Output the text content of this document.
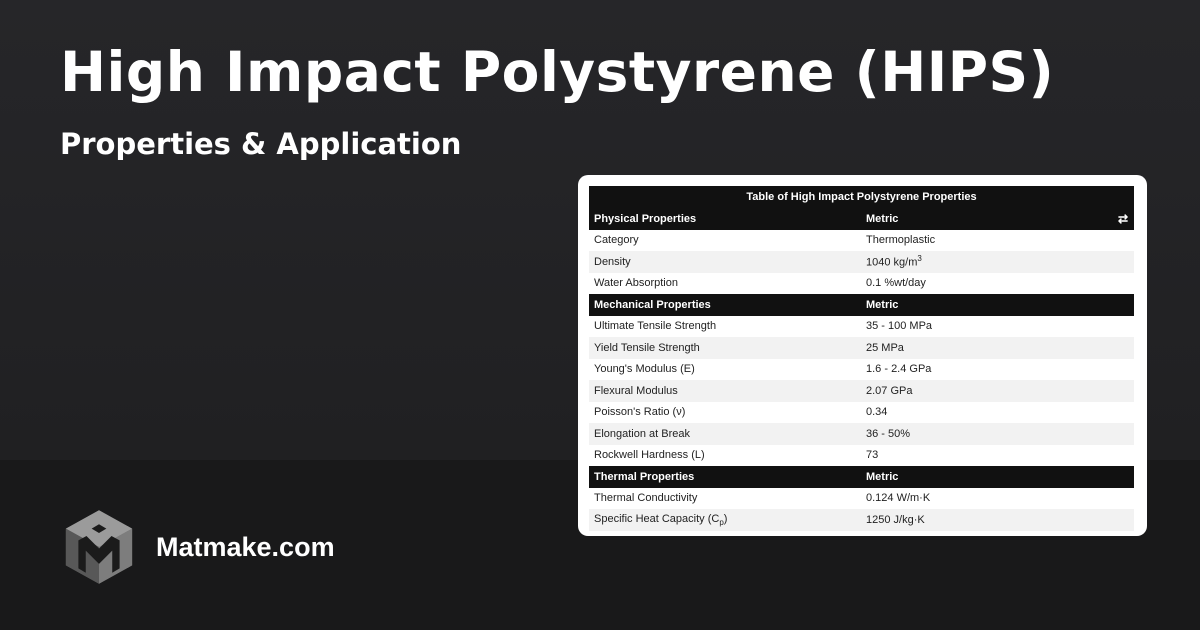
High Impact Polystyrene (HIPS)
Properties & Application
Table of High Impact Polystyrene Properties
Physical Properties	Metric	⇄
Category	Thermoplastic
Density	1040 $kg/m^3$
Water Absorption	0.1 %wt/day
Mechanical Properties	Metric
Ultimate Tensile Strength	35 - 100 MPa
Yield Tensile Strength	25 MPa
Young's Modulus (E)	1.6 - 2.4 GPa
Flexural Modulus	2.07 GPa
Poisson's Ratio (ν)	0.34
Elongation at Break	36 - 50%
Rockwell Hardness (L)	73
Thermal Properties	Metric
Thermal Conductivity	0.124 W/m·K
Specific Heat Capacity $(C_p)$	1250 J/kg·K
Matmake.com
